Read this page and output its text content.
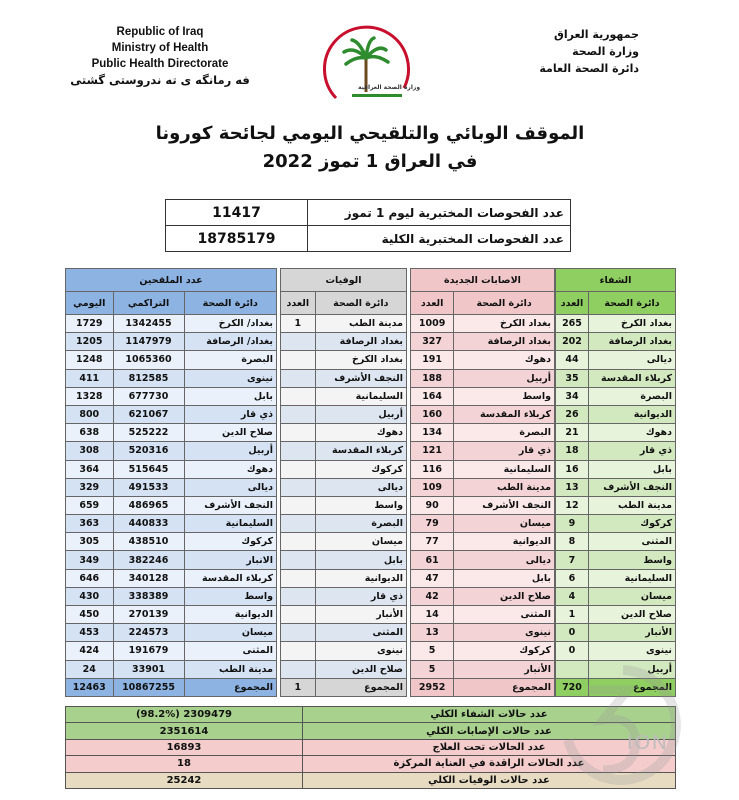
Republic of Iraq
Ministry of Health
Public Health Directorate
فه رمانگه ى ته ندروستى گشتى
وزارة الصحة العراقية
جمهورية العراق
وزارة الصحة
دائرة الصحة العامة
الموقف الوبائي والتلقيحي اليومي لجائحة كورونا
في العراق 1 تموز 2022
عدد الفحوصات المختبرية ليوم 1 تموز	11417
عدد الفحوصات المختبرية الكلية	18785179
الشفاء	
دائرة الصحة	العدد
بغداد الكرخ	265
بغداد الرصافة	202
ديالى	44
كربلاء المقدسة	35
البصرة	34
الديوانية	26
دهوك	21
ذي قار	18
بابل	16
النجف الأشرف	13
مدينة الطب	12
كركوك	9
المثنى	8
واسط	7
السليمانية	6
ميسان	4
صلاح الدين	1
الأنبار	0
نينوى	0
أربيل	
المجموع	720
الاصابات الجديدة	
دائرة الصحة	العدد
بغداد الكرخ	1009
بغداد الرصافة	327
دهوك	191
أربيل	188
واسط	164
كربلاء المقدسة	160
البصرة	134
ذي قار	121
السليمانية	116
مدينة الطب	109
النجف الأشرف	90
ميسان	79
الديوانية	77
ديالى	61
بابل	47
صلاح الدين	42
المثنى	14
نينوى	13
كركوك	5
الأنبار	5
المجموع	2952
الوفيات	
دائرة الصحة	العدد
مدينة الطب	1
بغداد الرصافة	
بغداد الكرخ	
النجف الأشرف	
السليمانية	
أربيل	
دهوك	
كربلاء المقدسة	
كركوك	
ديالى	
واسط	
البصرة	
ميسان	
بابل	
الديوانية	
ذي قار	
الأنبار	
المثنى	
نينوى	
صلاح الدين	
المجموع	1
عدد الملقحين		
دائرة الصحة	التراكمي	اليومي
بغداد/ الكرخ	1342455	1729
بغداد/ الرصافة	1147979	1205
البصرة	1065360	1248
نينوى	812585	411
بابل	677730	1328
ذي قار	621067	800
صلاح الدين	525222	638
أربيل	520316	308
دهوك	515645	364
ديالى	491533	329
النجف الأشرف	486965	659
السليمانية	440833	363
كركوك	438510	305
الانبار	382246	349
كربلاء المقدسة	340128	646
واسط	338389	430
الديوانية	270139	450
ميسان	224573	453
المثنى	191679	424
مدينة الطب	33901	24
المجموع	10867255	12463
عدد حالات الشفاء الكلي	2309479 (98.2%)
عدد حالات الإصابات الكلي	2351614
عدد الحالات تحت العلاج	16893
عدد الحالات الراقدة في العناية المركزة	18
عدد حالات الوفيات الكلي	25242
ION
